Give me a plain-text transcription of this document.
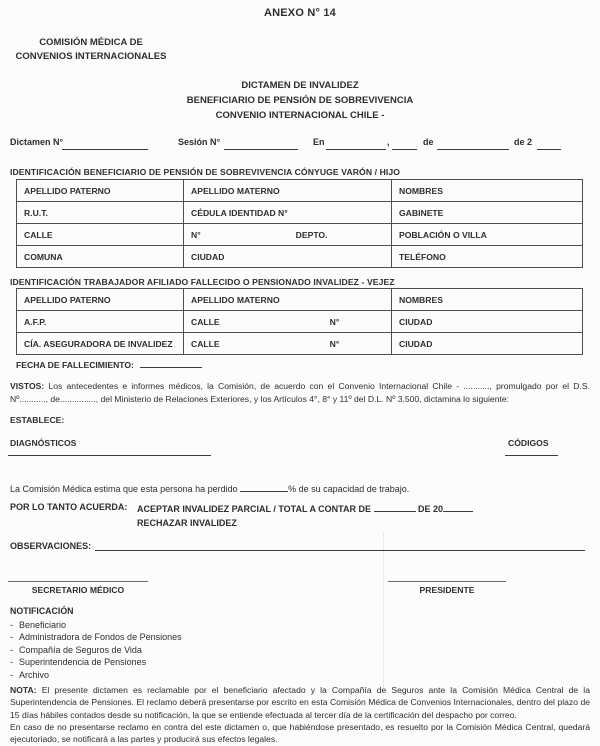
ANEXO N° 14
COMISIÓN MÉDICA DE
CONVENIOS INTERNACIONALES
DICTAMEN DE INVALIDEZ
BENEFICIARIO DE PENSIÓN DE SOBREVIVENCIA
CONVENIO INTERNACIONAL CHILE -
Dictamen N°	Sesión N°	En	,	de	de 2
IDENTIFICACIÓN BENEFICIARIO DE PENSIÓN DE SOBREVIVENCIA CÓNYUGE VARÓN / HIJO
APELLIDO PATERNO	APELLIDO MATERNO	NOMBRES
R.U.T.	CÉDULA IDENTIDAD N°	GABINETE
CALLE	N° DEPTO.	POBLACIÓN O VILLA
COMUNA	CIUDAD	TELÉFONO
IDENTIFICACIÓN TRABAJADOR AFILIADO FALLECIDO O PENSIONADO INVALIDEZ - VEJEZ
APELLIDO PATERNO	APELLIDO MATERNO	NOMBRES
A.F.P.	CALLE N°	CIUDAD
CÍA. ASEGURADORA DE INVALIDEZ	CALLE N°	CIUDAD
FECHA DE FALLECIMIENTO:
VISTOS: Los antecedentes e informes médicos, la Comisión, de acuerdo con el Convenio Internacional Chile - ..........., promulgado por el D.S. Nº..........., de..............., del Ministerio de Relaciones Exteriores, y los Artículos 4°, 8° y 11º del D.L. Nº 3.500, dictamina lo siguiente:
ESTABLECE:
DIAGNÓSTICOS	CÓDIGOS
La Comisión Médica estima que esta persona ha perdido	% de su capacidad de trabajo.
POR LO TANTO ACUERDA: ACEPTAR INVALIDEZ PARCIAL / TOTAL A CONTAR DE	DE 20
RECHAZAR INVALIDEZ
OBSERVACIONES:
SECRETARIO MÉDICO	PRESIDENTE
NOTIFICACIÓN
- Beneficiario
- Administradora de Fondos de Pensiones
- Compañía de Seguros de Vida
- Superintendencia de Pensiones
- Archivo

NOTA: El presente dictamen es reclamable por el beneficiario afectado y la Compañía de Seguros ante la Comisión Médica Central de la Superintendencia de Pensiones. El reclamo deberá presentarse por escrito en esta Comisión Médica de Convenios Internacionales, dentro del plazo de 15 días hábiles contados desde su notificación, la que se entiende efectuada al tercer día de la certificación del despacho por correo.

En caso de no presentarse reclamo en contra del este dictamen o, que habiéndose presentado, es resuelto por la Comisión Médica Central, quedará ejecutoriado, se notificará a las partes y producirá sus efectos legales.
